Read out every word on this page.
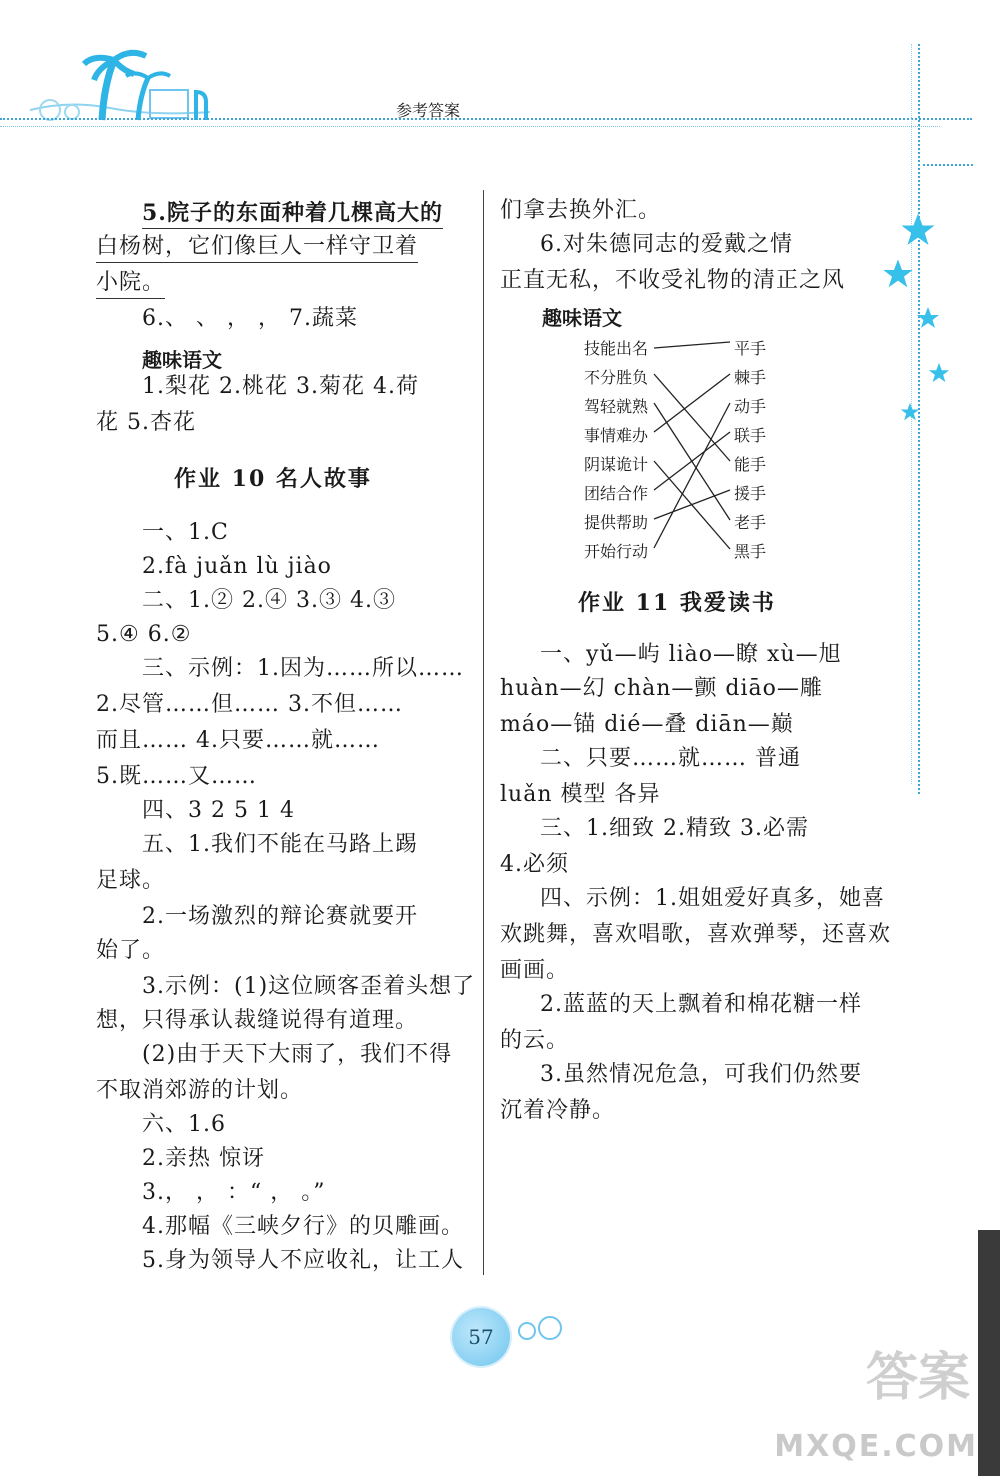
参考答案
5.院子的东面种着几棵高大的
白杨树，它们像巨人一样守卫着
小院。
6.、 、 ， ， 7.蔬菜
趣味语文
1.梨花 2.桃花 3.菊花 4.荷
花 5.杏花
作业 10 名人故事
一、1.C
2.fà juǎn lù jiào
二、1.② 2.④ 3.③ 4.③
5.④ 6.②
三、示例：1.因为……所以……
2.尽管……但…… 3.不但……
而且…… 4.只要……就……
5.既……又……
四、3 2 5 1 4
五、1.我们不能在马路上踢
足球。
2.一场激烈的辩论赛就要开
始了。
3.示例：(1)这位顾客歪着头想了
想，只得承认裁缝说得有道理。
(2)由于天下大雨了，我们不得
不取消郊游的计划。
六、1.6
2.亲热 惊讶
3.， ， ：“ ， 。”
4.那幅《三峡夕行》的贝雕画。
5.身为领导人不应收礼，让工人
们拿去换外汇。
6.对朱德同志的爱戴之情
正直无私，不收受礼物的清正之风
趣味语文
技能出名
不分胜负
驾轻就熟
事情难办
阴谋诡计
团结合作
提供帮助
开始行动
平手
棘手
动手
联手
能手
援手
老手
黑手
作业 11 我爱读书
一、yǔ—屿 liào—瞭 xù—旭
huàn—幻 chàn—颤 diāo—雕
máo—锚 dié—叠 diān—巅
二、只要……就…… 普通
luǎn 模型 各异
三、1.细致 2.精致 3.必需
4.必须
四、示例：1.姐姐爱好真多，她喜
欢跳舞，喜欢唱歌，喜欢弹琴，还喜欢
画画。
2.蓝蓝的天上飘着和棉花糖一样
的云。
3.虽然情况危急，可我们仍然要
沉着冷静。
57
答案
MXQE.COM
